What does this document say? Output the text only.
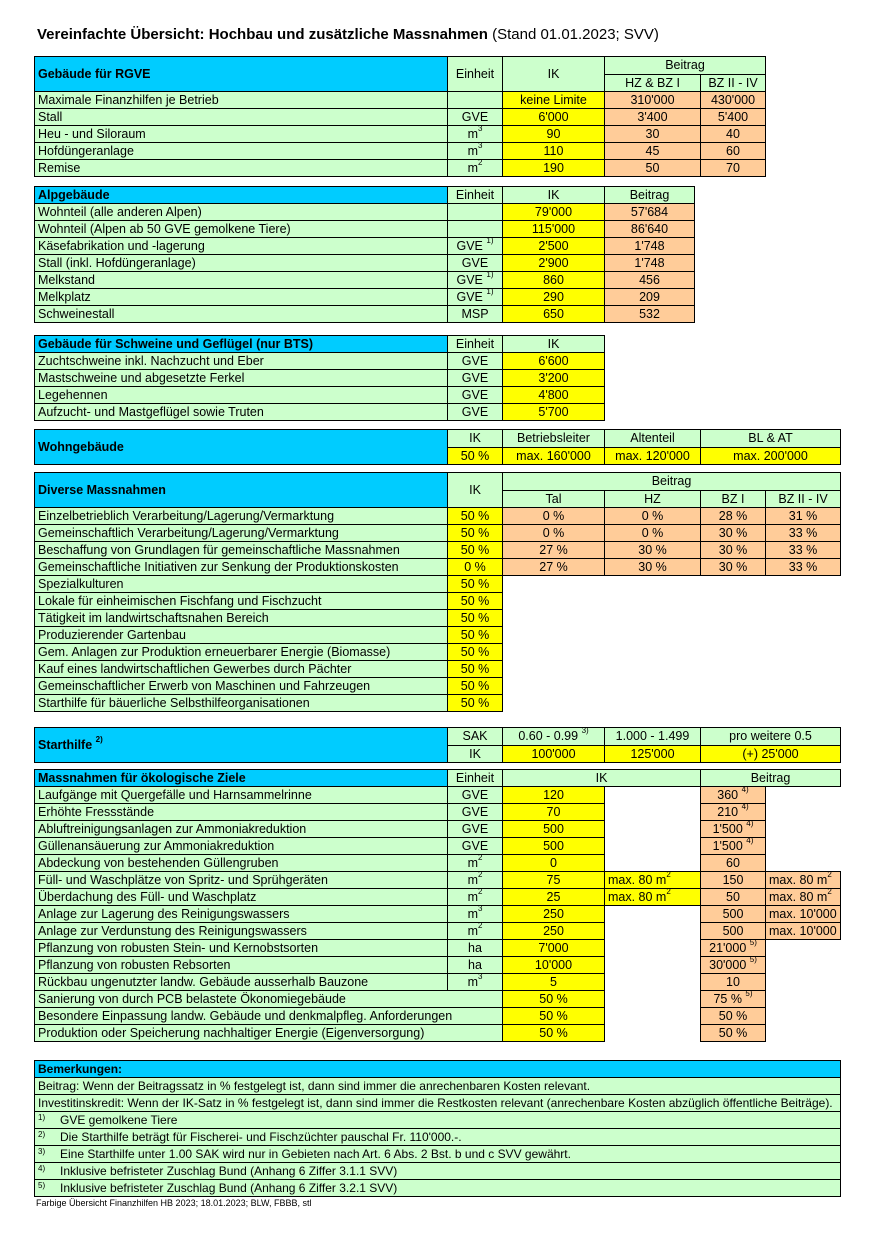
Vereinfachte Übersicht: Hochbau und zusätzliche Massnahmen (Stand 01.01.2023; SVV)
Gebäude für RGVE	Einheit	IK	Beitrag		
			HZ & BZ I	BZ II - IV	
Maximale Finanzhilfen je Betrieb		keine Limite	310'000	430'000	
Stall	GVE	6'000	3'400	5'400	
Heu - und Siloraum	$m^3$	90	30	40	
Hofdüngeranlage	$m^3$	110	45	60	
Remise	$m^2$	190	50	70	
Alpgebäude	Einheit	IK	Beitrag
Wohnteil (alle anderen Alpen)		79'000	57'684
Wohnteil (Alpen ab 50 GVE gemolkene Tiere)		115'000	86'640
Käsefabrikation und -lagerung	GVE $^{1)}$	2'500	1'748
Stall (inkl. Hofdüngeranlage)	GVE	2'900	1'748
Melkstand	GVE $^{1)}$	860	456
Melkplatz	GVE $^{1)}$	290	209
Schweinestall	MSP	650	532
Gebäude für Schweine und Geflügel (nur BTS)	Einheit	IK
Zuchtschweine inkl. Nachzucht und Eber	GVE	6'600
Mastschweine und abgesetzte Ferkel	GVE	3'200
Legehennen	GVE	4'800
Aufzucht- und Mastgeflügel sowie Truten	GVE	5'700
Wohngebäude	IK	Betriebsleiter	Altenteil	BL & AT
	50 %	max. 160'000	max. 120'000	max. 200'000
Diverse Massnahmen	IK	Beitrag			
		Tal	HZ	BZ I	BZ II - IV
Einzelbetrieblich Verarbeitung/Lagerung/Vermarktung	50 %	0 %	0 %	28 %	31 %
Gemeinschaftlich Verarbeitung/Lagerung/Vermarktung	50 %	0 %	0 %	30 %	33 %
Beschaffung von Grundlagen für gemeinschaftliche Massnahmen	50 %	27 %	30 %	30 %	33 %
Gemeinschaftliche Initiativen zur Senkung der Produktionskosten	0 %	27 %	30 %	30 %	33 %
Spezialkulturen	50 %				
Lokale für einheimischen Fischfang und Fischzucht	50 %				
Tätigkeit im landwirtschaftsnahen Bereich	50 %				
Produzierender Gartenbau	50 %				
Gem. Anlagen zur Produktion erneuerbarer Energie (Biomasse)	50 %				
Kauf eines landwirtschaftlichen Gewerbes durch Pächter	50 %				
Gemeinschaftlicher Erwerb von Maschinen und Fahrzeugen	50 %				
Starthilfe für bäuerliche Selbsthilfeorganisationen	50 %				
Starthilfe $^{2)}$	SAK	0.60 - 0.99 $^{3)}$	1.000 - 1.499	pro weitere 0.5
	IK	100'000	125'000	(+) 25'000
Massnahmen für ökologische Ziele	Einheit	IK		Beitrag	
Laufgänge mit Quergefälle und Harnsammelrinne	GVE	120		360 $^{4)}$	
Erhöhte Fressstände	GVE	70		210 $^{4)}$	
Abluftreinigungsanlagen zur Ammoniakreduktion	GVE	500		1'500 $^{4)}$	
Güllenansäuerung zur Ammoniakreduktion	GVE	500		1'500 $^{4)}$	
Abdeckung von bestehenden Güllengruben	$m^2$	0		60	
Füll- und Waschplätze von Spritz- und Sprühgeräten	$m^2$	75	max. 80 $m^2$	150	max. 80 $m^2$
Überdachung des Füll- und Waschplatz	$m^2$	25	max. 80 $m^2$	50	max. 80 $m^2$
Anlage zur Lagerung des Reinigungswassers	$m^3$	250		500	max. 10'000
Anlage zur Verdunstung des Reinigungswassers	$m^2$	250		500	max. 10'000
Pflanzung von robusten Stein- und Kernobstsorten	ha	7'000		21'000 $^{5)}$	
Pflanzung von robusten Rebsorten	ha	10'000		30'000 $^{5)}$	
Rückbau ungenutzter landw. Gebäude ausserhalb Bauzone	$m^3$	5		10	
Sanierung von durch PCB belastete Ökonomiegebäude		50 %		75 % $^{5)}$	
Besondere Einpassung landw. Gebäude und denkmalpfleg. Anforderungen		50 %		50 %	
Produktion oder Speicherung nachhaltiger Energie (Eigenversorgung)		50 %		50 %	
Bemerkungen:
Beitrag: Wenn der Beitragssatz in % festgelegt ist, dann sind immer die anrechenbaren Kosten relevant.
Investitinskredit: Wenn der IK-Satz in % festgelegt ist, dann sind immer die Restkosten relevant (anrechenbare Kosten abzüglich öffentliche Beiträge).
1) GVE gemolkene Tiere
2) Die Starthilfe beträgt für Fischerei- und Fischzüchter pauschal Fr. 110'000.-.
3) Eine Starthilfe unter 1.00 SAK wird nur in Gebieten nach Art. 6 Abs. 2 Bst. b und c SVV gewährt.
4) Inklusive befristeter Zuschlag Bund (Anhang 6 Ziffer 3.1.1 SVV)
5) Inklusive befristeter Zuschlag Bund (Anhang 6 Ziffer 3.2.1 SVV)
Farbige Übersicht Finanzhilfen HB 2023; 18.01.2023; BLW, FBBB, stl
